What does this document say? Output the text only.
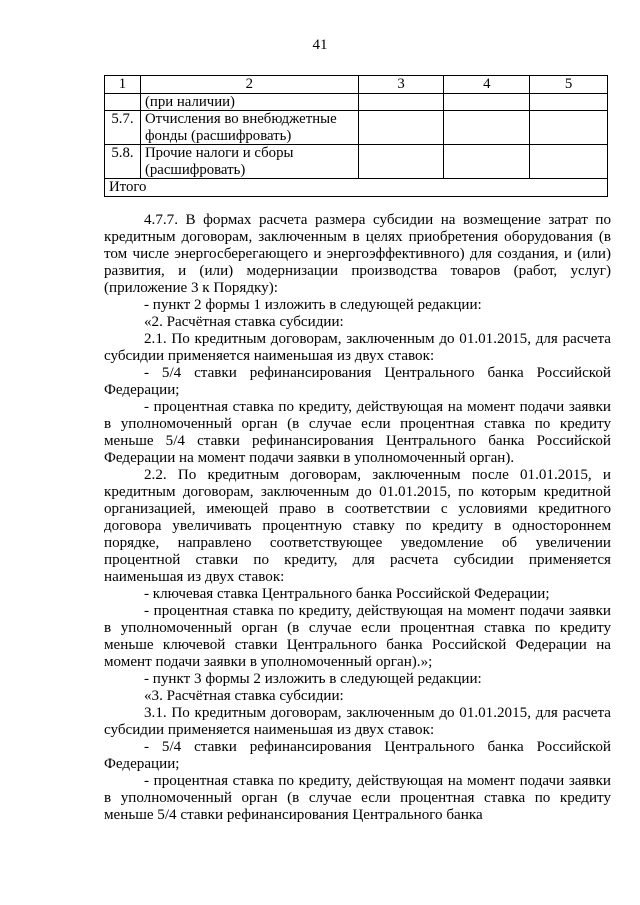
41
1	2	3	4	5
	(при наличии)			
5.7.	Отчисления во внебюджетные
фонды (расшифровать)			
5.8.	Прочие налоги и сборы
(расшифровать)			
Итого				

4.7.7. В формах расчета размера субсидии на возмещение затрат по кредитным договорам, заключенным в целях приобретения оборудования (в том числе энергосберегающего и энергоэффективного) для создания, и (или) развития, и (или) модернизации производства товаров (работ, услуг) (приложение 3 к Порядку):

- пункт 2 формы 1 изложить в следующей редакции:

«2. Расчётная ставка субсидии:

2.1. По кредитным договорам, заключенным до 01.01.2015, для расчета субсидии применяется наименьшая из двух ставок:

- 5/4 ставки рефинансирования Центрального банка Российской Федерации;

- процентная ставка по кредиту, действующая на момент подачи заявки в уполномоченный орган (в случае если процентная ставка по кредиту меньше 5/4 ставки рефинансирования Центрального банка Российской Федерации на момент подачи заявки в уполномоченный орган).

2.2. По кредитным договорам, заключенным после 01.01.2015, и кредитным договорам, заключенным до 01.01.2015, по которым кредитной организацией, имеющей право в соответствии с условиями кредитного договора увеличивать процентную ставку по кредиту в одностороннем порядке, направлено соответствующее уведомление об увеличении процентной ставки по кредиту, для расчета субсидии применяется наименьшая из двух ставок:

- ключевая ставка Центрального банка Российской Федерации;

- процентная ставка по кредиту, действующая на момент подачи заявки в уполномоченный орган (в случае если процентная ставка по кредиту меньше ключевой ставки Центрального банка Российской Федерации на момент подачи заявки в уполномоченный орган).»;

- пункт 3 формы 2 изложить в следующей редакции:

«3. Расчётная ставка субсидии:

3.1. По кредитным договорам, заключенным до 01.01.2015, для расчета субсидии применяется наименьшая из двух ставок:

- 5/4 ставки рефинансирования Центрального банка Российской Федерации;

- процентная ставка по кредиту, действующая на момент подачи заявки в уполномоченный орган (в случае если процентная ставка по кредиту меньше 5/4 ставки рефинансирования Центрального банка
